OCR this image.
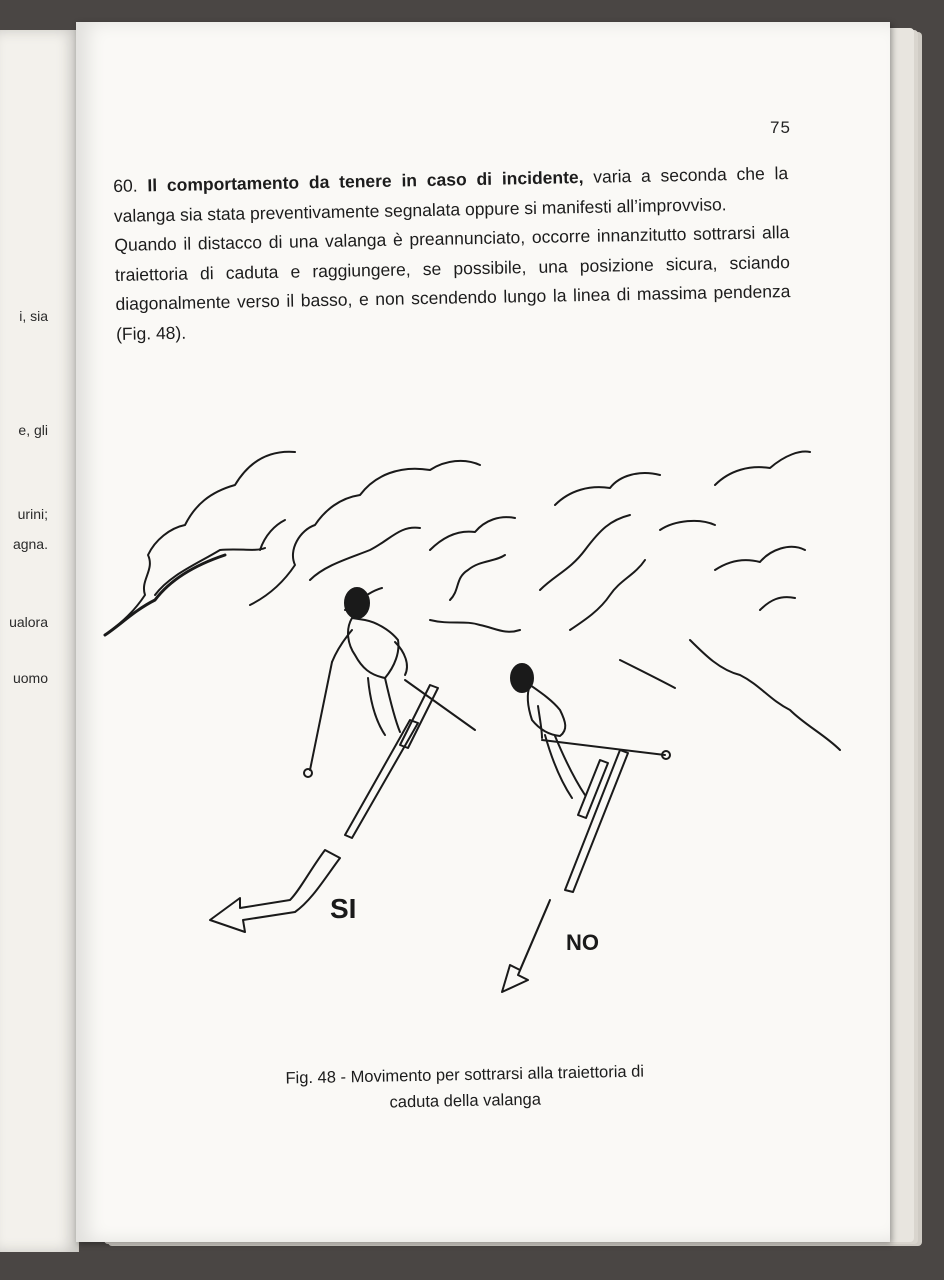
i, sia
e, gli
urini;
agna.
ualora
uomo
75

60. Il comportamento da tenere in caso di incidente, varia a seconda che la valanga sia stata preventivamente segnalata oppure si manifesti all’improvviso.

Quando il distacco di una valanga è preannunciato, occorre innanzitutto sottrarsi alla traiettoria di caduta e raggiungere, se possibile, una posizione sicura, sciando diagonalmente verso il basso, e non scendendo lungo la linea di massima pendenza (Fig. 48).

SI
NO
Fig. 48 - Movimento per sottrarsi alla traiettoria di
caduta della valanga
